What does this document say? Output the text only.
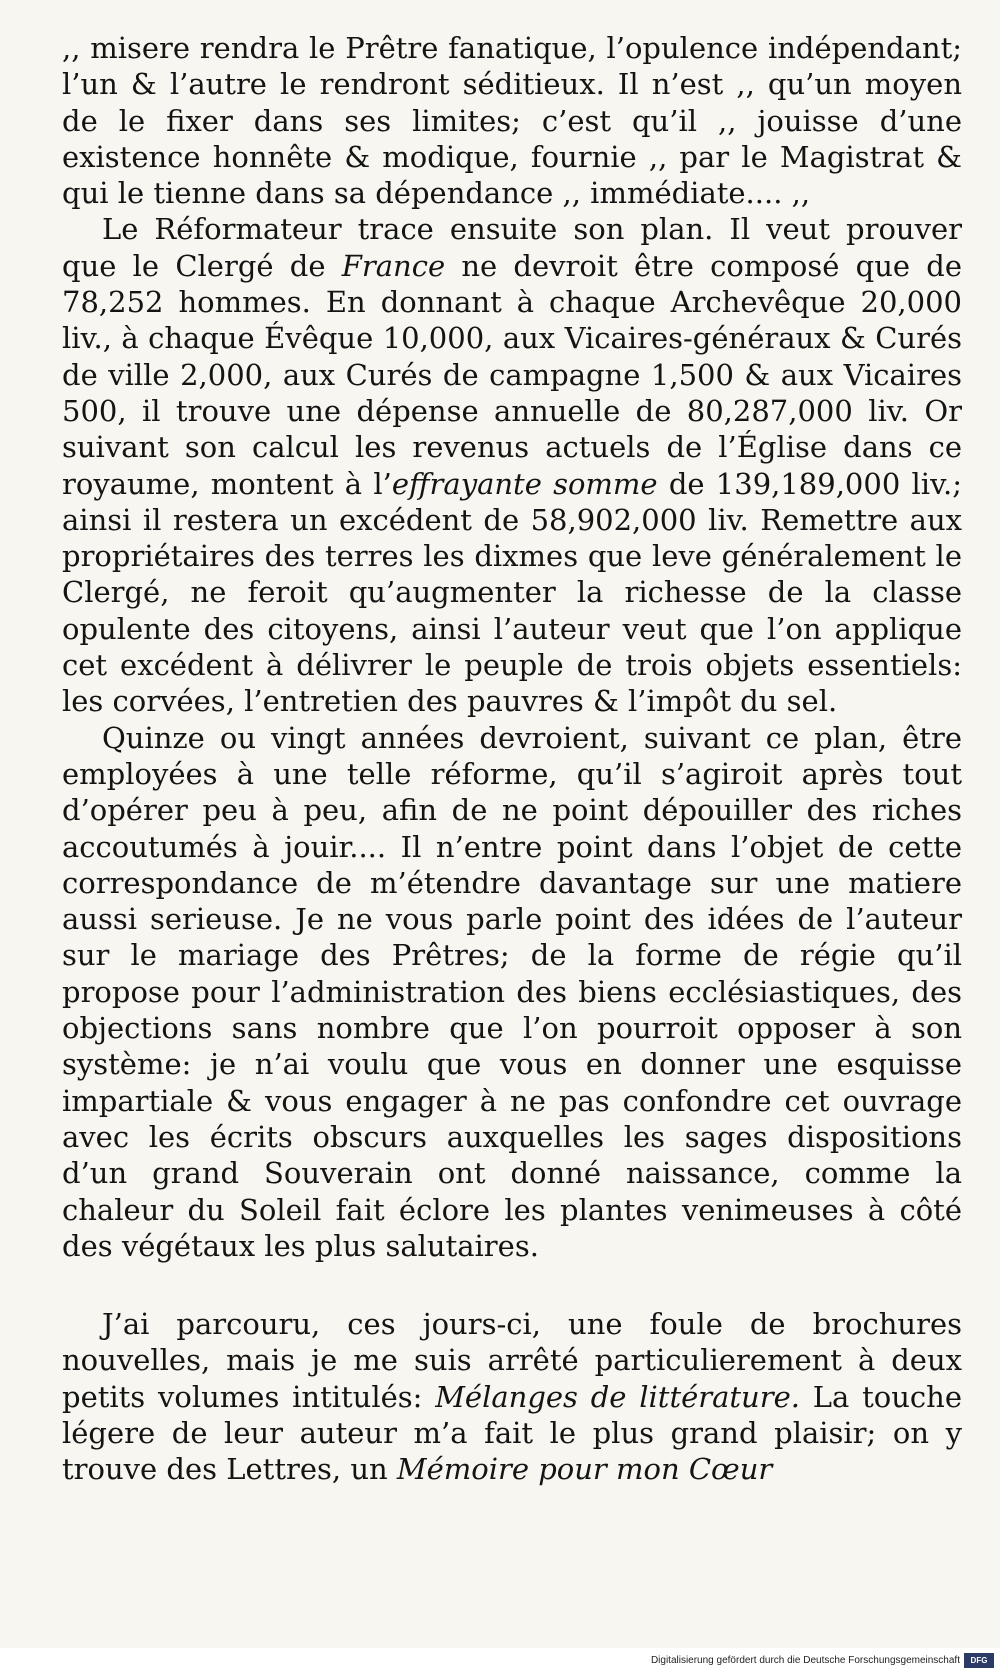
,, misere rendra le Prêtre fanatique, l’opulence indépendant; l’un & l’autre le rendront séditieux. Il n’est ,, qu’un moyen de le fixer dans ses limites; c’est qu’il ,, jouisse d’une existence honnête & modique, fournie ,, par le Magistrat & qui le tienne dans sa dépendance ,, immédiate.... ,,

Le Réformateur trace ensuite son plan. Il veut prouver que le Clergé de France ne devroit être composé que de 78,252 hommes. En donnant à chaque Archevêque 20,000 liv., à chaque Évêque 10,000, aux Vicaires-généraux & Curés de ville 2,000, aux Curés de campagne 1,500 & aux Vicaires 500, il trouve une dépense annuelle de 80,287,000 liv. Or suivant son calcul les revenus actuels de l’Église dans ce royaume, montent à l’effrayante somme de 139,189,000 liv.; ainsi il restera un excédent de 58,902,000 liv. Remettre aux propriétaires des terres les dixmes que leve généralement le Clergé, ne feroit qu’augmenter la richesse de la classe opulente des citoyens, ainsi l’auteur veut que l’on applique cet excédent à délivrer le peuple de trois objets essentiels: les corvées, l’entretien des pauvres & l’impôt du sel.

Quinze ou vingt années devroient, suivant ce plan, être employées à une telle réforme, qu’il s’agiroit après tout d’opérer peu à peu, afin de ne point dépouiller des riches accoutumés à jouir.... Il n’entre point dans l’objet de cette correspondance de m’étendre davantage sur une matiere aussi serieuse. Je ne vous parle point des idées de l’auteur sur le mariage des Prêtres; de la forme de régie qu’il propose pour l’administration des biens ecclésiastiques, des objections sans nombre que l’on pourroit opposer à son système: je n’ai voulu que vous en donner une esquisse impartiale & vous engager à ne pas confondre cet ouvrage avec les écrits obscurs auxquelles les sages dispositions d’un grand Souverain ont donné naissance, comme la chaleur du Soleil fait éclore les plantes venimeuses à côté des végétaux les plus salutaires.

J’ai parcouru, ces jours-ci, une foule de brochures nouvelles, mais je me suis arrêté particulierement à deux petits volumes intitulés: Mélanges de littérature. La touche légere de leur auteur m’a fait le plus grand plaisir; on y trouve des Lettres, un Mémoire pour mon Cœur

Digitalisierung gefördert durch die Deutsche Forschungsgemeinschaft	DFG
